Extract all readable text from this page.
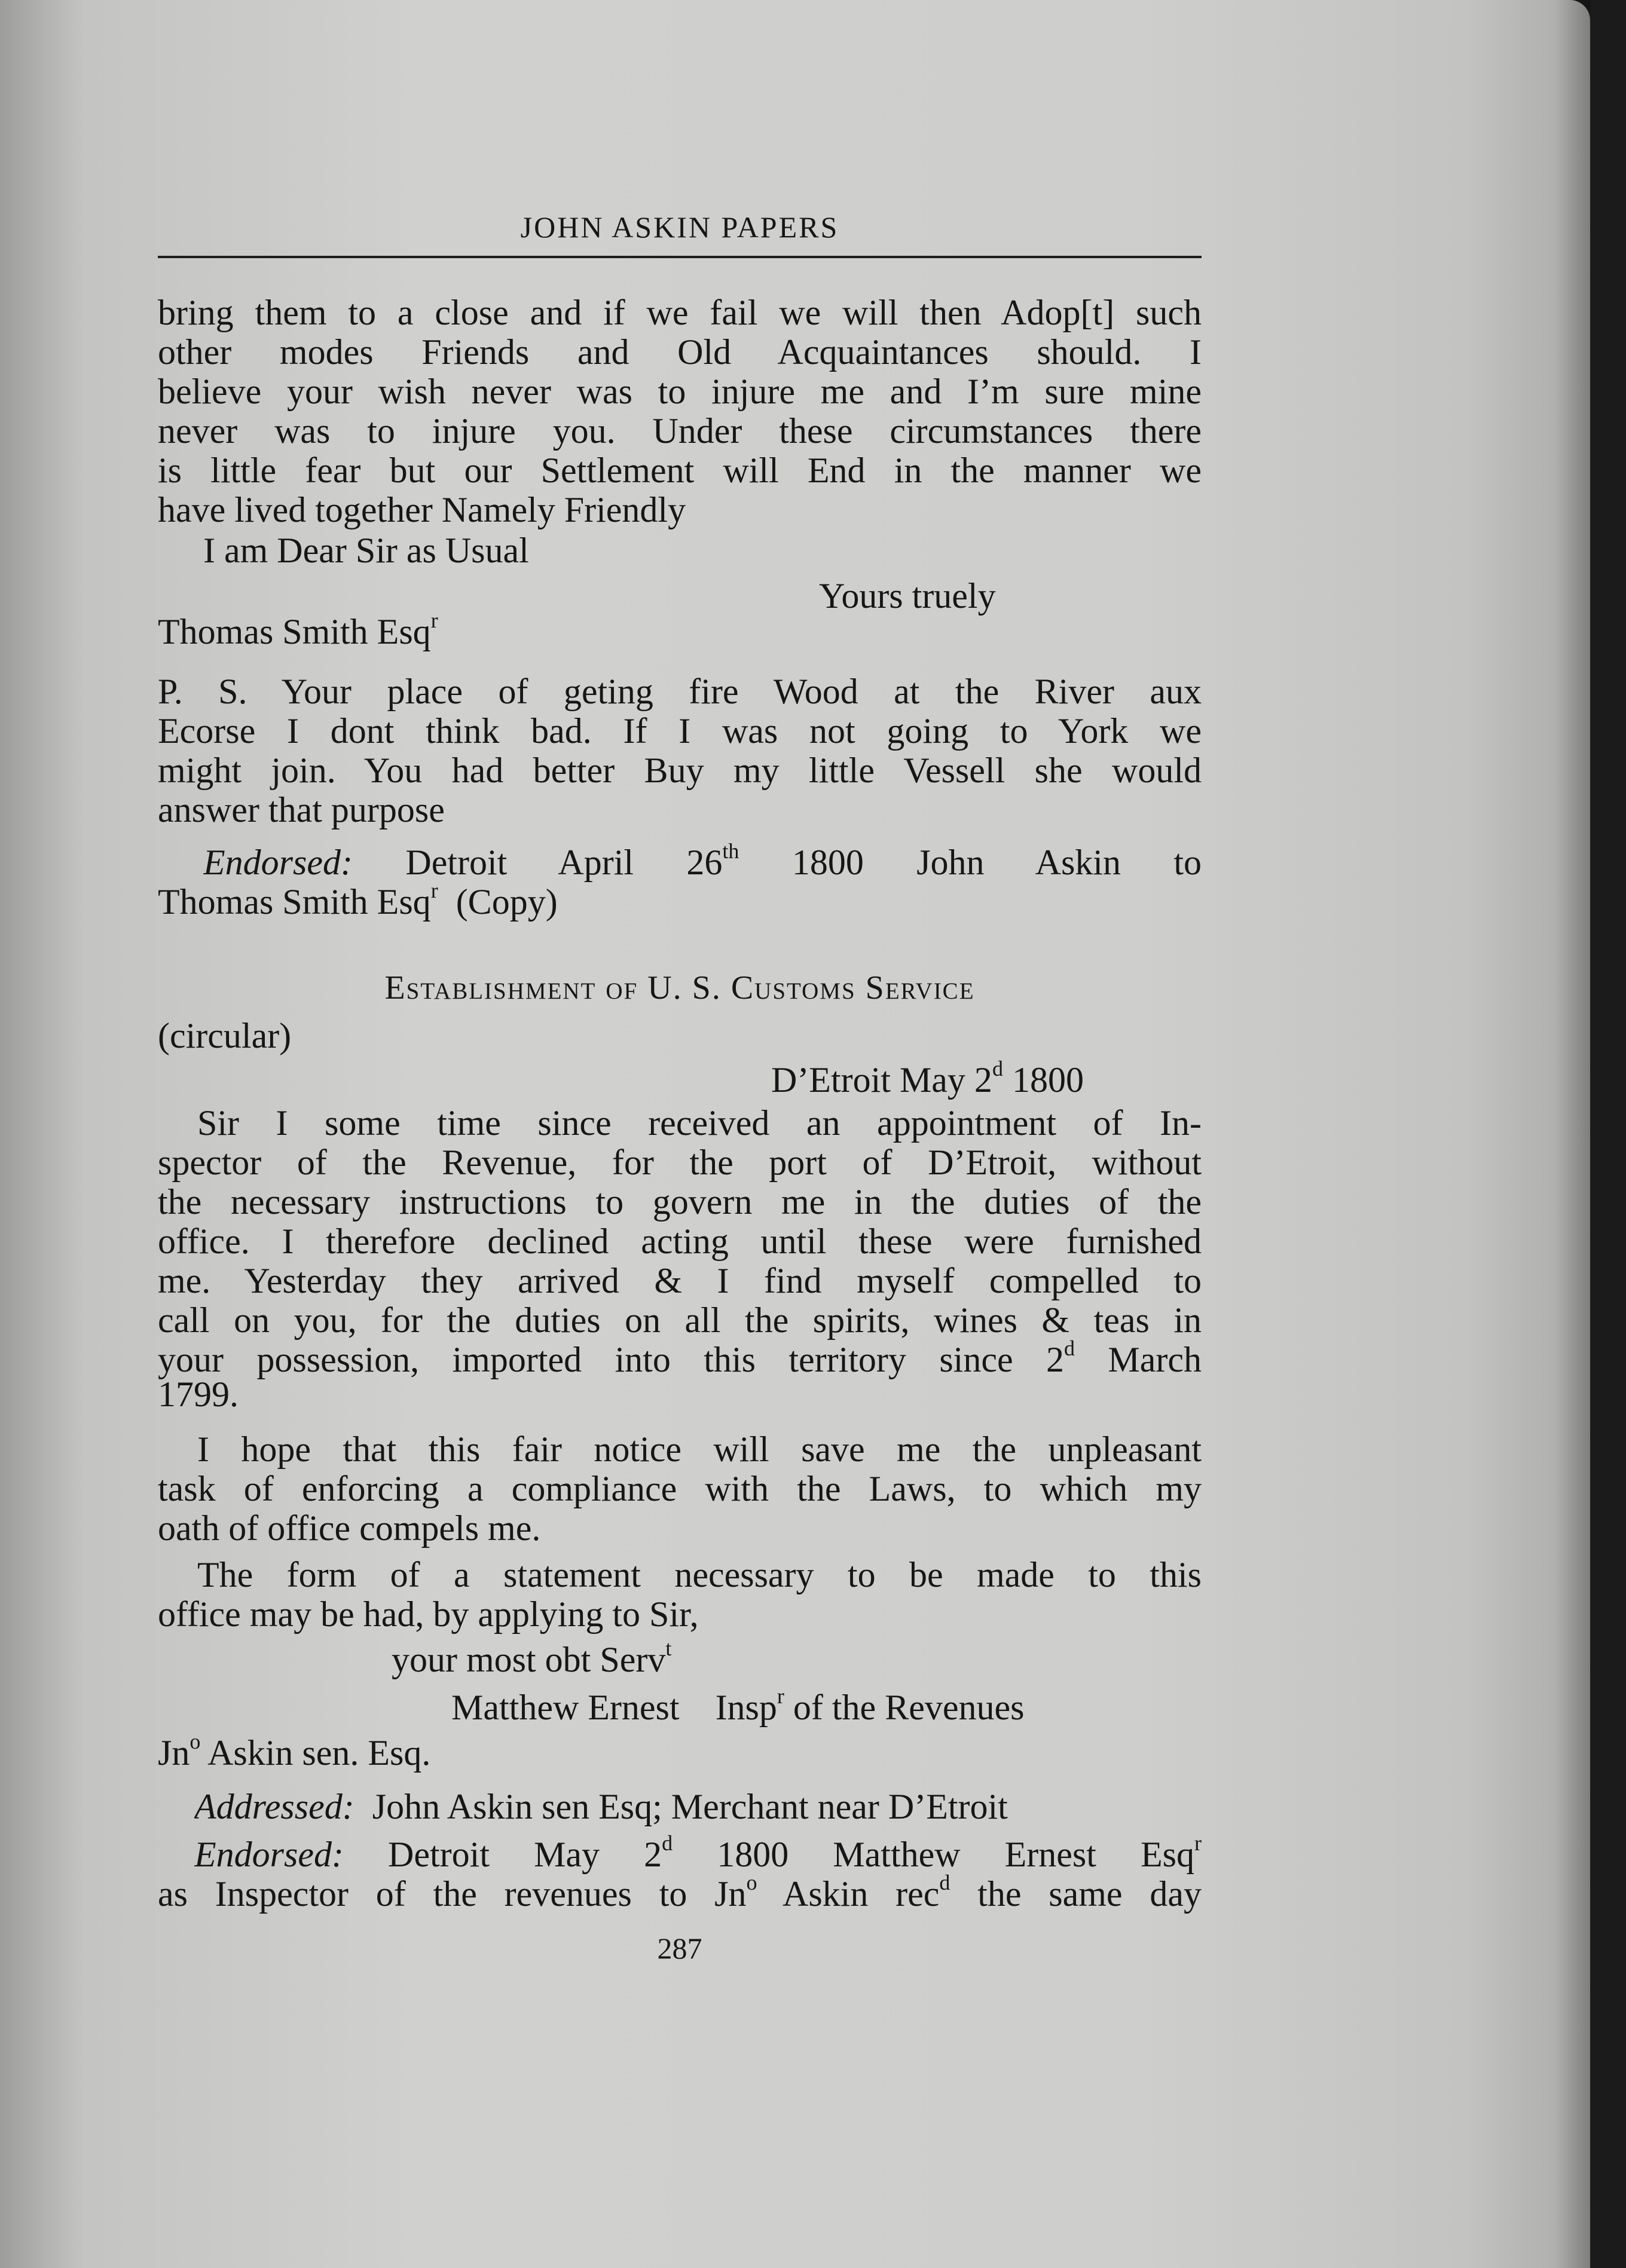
JOHN ASKIN PAPERS
bring them to a close and if we fail we will then Adop[t] such
other modes Friends and Old Acquaintances should. I
believe your wish never was to injure me and I’m sure mine
never was to injure you. Under these circumstances there
is little fear but our Settlement will End in the manner we
have lived together Namely Friendly
I am Dear Sir as Usual
Yours truely
Thomas Smith Esq$^r$
P. S. Your place of geting fire Wood at the River aux
Ecorse I dont think bad. If I was not going to York we
might join. You had better Buy my little Vessell she would
answer that purpose
Endorsed: Detroit April 26th 1800 John Askin to
Thomas Smith Esq$^r$ (Copy)
Establishment of U. S. Customs Service
(circular)
D’Etroit May 2$^d$ 1800
Sir I some time since received an appointment of In-
spector of the Revenue, for the port of D’Etroit, without
the necessary instructions to govern me in the duties of the
office. I therefore declined acting until these were furnished
me. Yesterday they arrived & I find myself compelled to
call on you, for the duties on all the spirits, wines & teas in
your possession, imported into this territory since 2$^d$ March
1799.
I hope that this fair notice will save me the unpleasant
task of enforcing a compliance with the Laws, to which my
oath of office compels me.
The form of a statement necessary to be made to this
office may be had, by applying to Sir,
your most obt Serv$^t$
Matthew Ernest Insp$^r$ of the Revenues
Jn$^o$ Askin sen. Esq.
Addressed: John Askin sen Esq; Merchant near D’Etroit
Endorsed: Detroit May 2$^d$ 1800 Matthew Ernest Esq$^r$
as Inspector of the revenues to Jn$^o$ Askin rec$^d$ the same day
287
